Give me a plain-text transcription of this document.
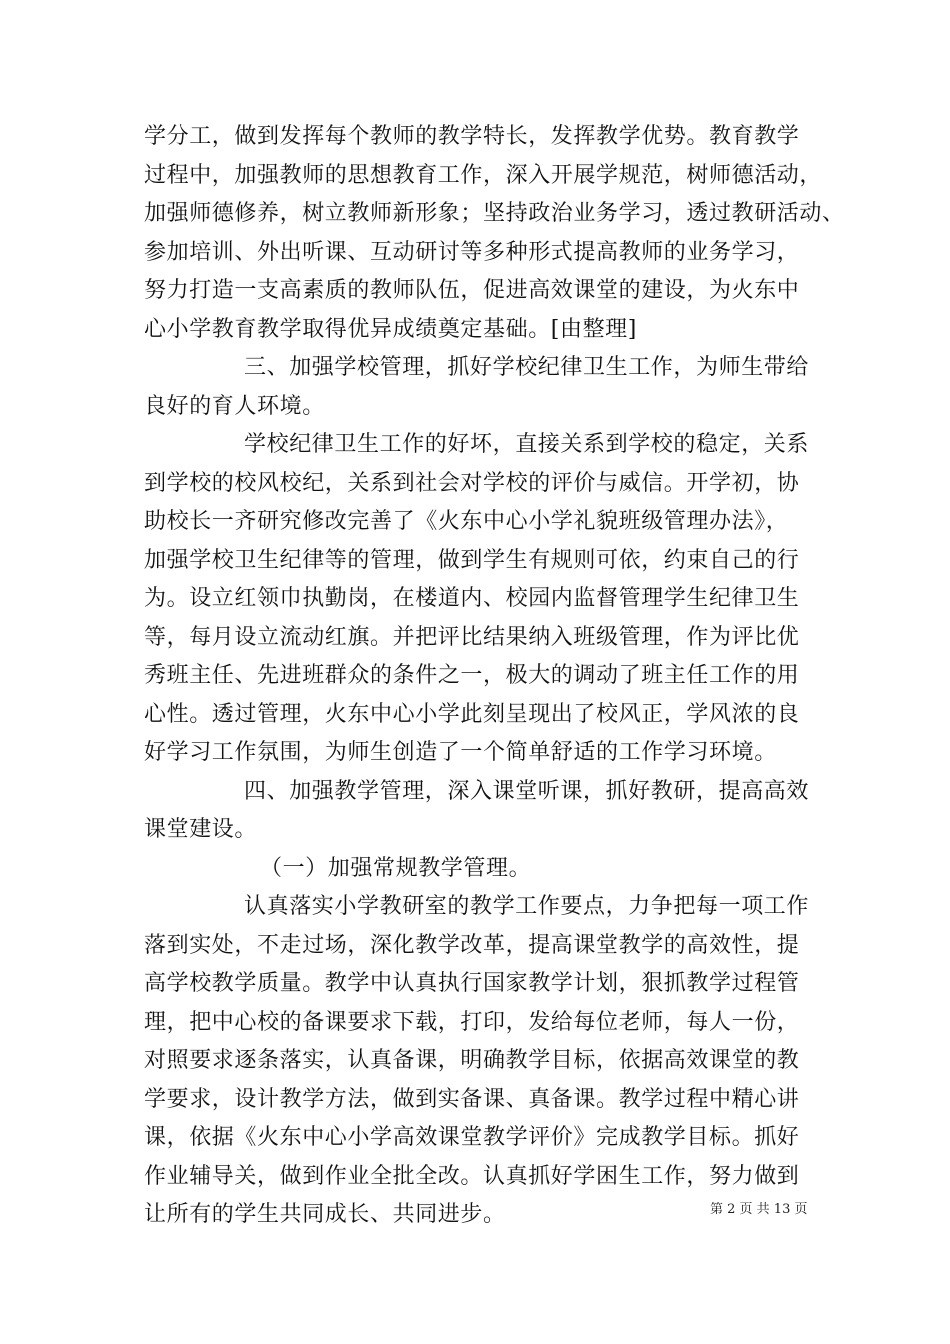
学分工，做到发挥每个教师的教学特长，发挥教学优势。教育教学
过程中，加强教师的思想教育工作，深入开展学规范，树师德活动，
加强师德修养，树立教师新形象；坚持政治业务学习，透过教研活动、
参加培训、外出听课、互动研讨等多种形式提高教师的业务学习，
努力打造一支高素质的教师队伍，促进高效课堂的建设，为火东中
心小学教育教学取得优异成绩奠定基础。[由整理]
三、加强学校管理，抓好学校纪律卫生工作，为师生带给
良好的育人环境。
学校纪律卫生工作的好坏，直接关系到学校的稳定，关系
到学校的校风校纪，关系到社会对学校的评价与威信。开学初，协
助校长一齐研究修改完善了《火东中心小学礼貌班级管理办法》，
加强学校卫生纪律等的管理，做到学生有规则可依，约束自己的行
为。设立红领巾执勤岗，在楼道内、校园内监督管理学生纪律卫生
等，每月设立流动红旗。并把评比结果纳入班级管理，作为评比优
秀班主任、先进班群众的条件之一，极大的调动了班主任工作的用
心性。透过管理，火东中心小学此刻呈现出了校风正，学风浓的良
好学习工作氛围，为师生创造了一个简单舒适的工作学习环境。
四、加强教学管理，深入课堂听课，抓好教研，提高高效
课堂建设。
（一）加强常规教学管理。
认真落实小学教研室的教学工作要点，力争把每一项工作
落到实处，不走过场，深化教学改革，提高课堂教学的高效性，提
高学校教学质量。教学中认真执行国家教学计划，狠抓教学过程管
理，把中心校的备课要求下载，打印，发给每位老师，每人一份，
对照要求逐条落实，认真备课，明确教学目标，依据高效课堂的教
学要求，设计教学方法，做到实备课、真备课。教学过程中精心讲
课，依据《火东中心小学高效课堂教学评价》完成教学目标。抓好
作业辅导关，做到作业全批全改。认真抓好学困生工作，努力做到
让所有的学生共同成长、共同进步。	第 2 页 共 13 页
